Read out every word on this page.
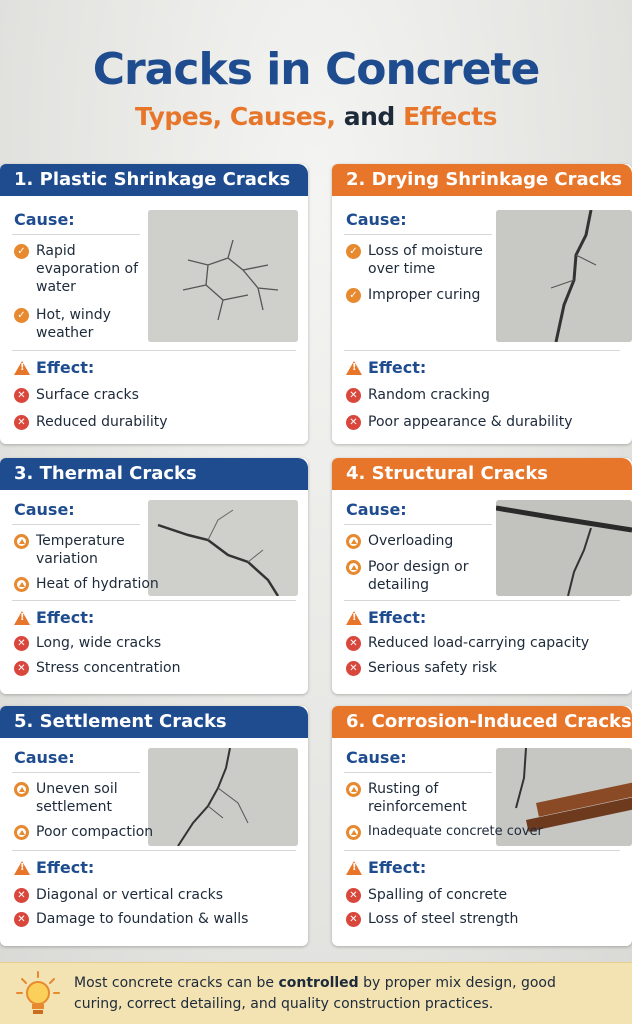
Cracks in Concrete
Types, Causes, and Effects
1. Plastic Shrinkage Cracks
Cause:
✓ Rapid evaporation of water
✓ Hot, windy weather
!
Effect:
✕ Surface cracks
✕ Reduced durability
2. Drying Shrinkage Cracks
Cause:
✓ Loss of moisture over time
✓ Improper curing
!
Effect:
✕ Random cracking
✕ Poor appearance & durability
3. Thermal Cracks
Cause:
Temperature variation
Heat of hydration
!
Effect:
✕ Long, wide cracks
✕ Stress concentration
4. Structural Cracks
Cause:
Overloading
Poor design or detailing
!
Effect:
✕ Reduced load-carrying capacity
✕ Serious safety risk
5. Settlement Cracks
Cause:
Uneven soil settlement
Poor compaction
!
Effect:
✕ Diagonal or vertical cracks
✕ Damage to foundation & walls
6. Corrosion-Induced Cracks
Cause:
Rusting of reinforcement
Inadequate concrete cover
!
Effect:
✕ Spalling of concrete
✕ Loss of steel strength
Most concrete cracks can be controlled by proper mix design, good curing, correct detailing, and quality construction practices.
